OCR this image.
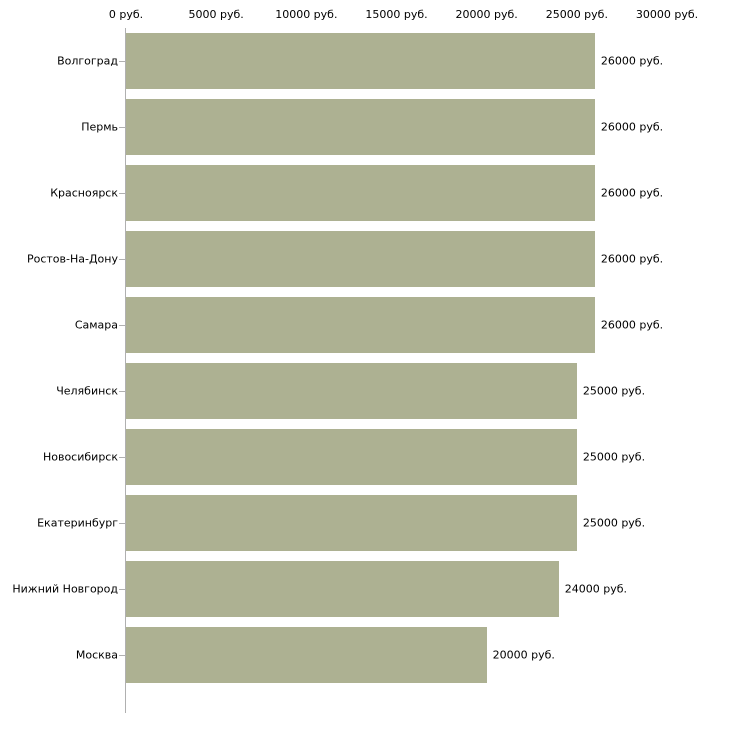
0 руб.	5000 руб.	10000 руб.	15000 руб.	20000 руб.	25000 руб.	30000 руб.
Волгоград	26000 руб.
Пермь	26000 руб.
Красноярск	26000 руб.
Ростов-На-Дону	26000 руб.
Самара	26000 руб.
Челябинск	25000 руб.
Новосибирск	25000 руб.
Екатеринбург	25000 руб.
Нижний Новгород	24000 руб.
Москва	20000 руб.
